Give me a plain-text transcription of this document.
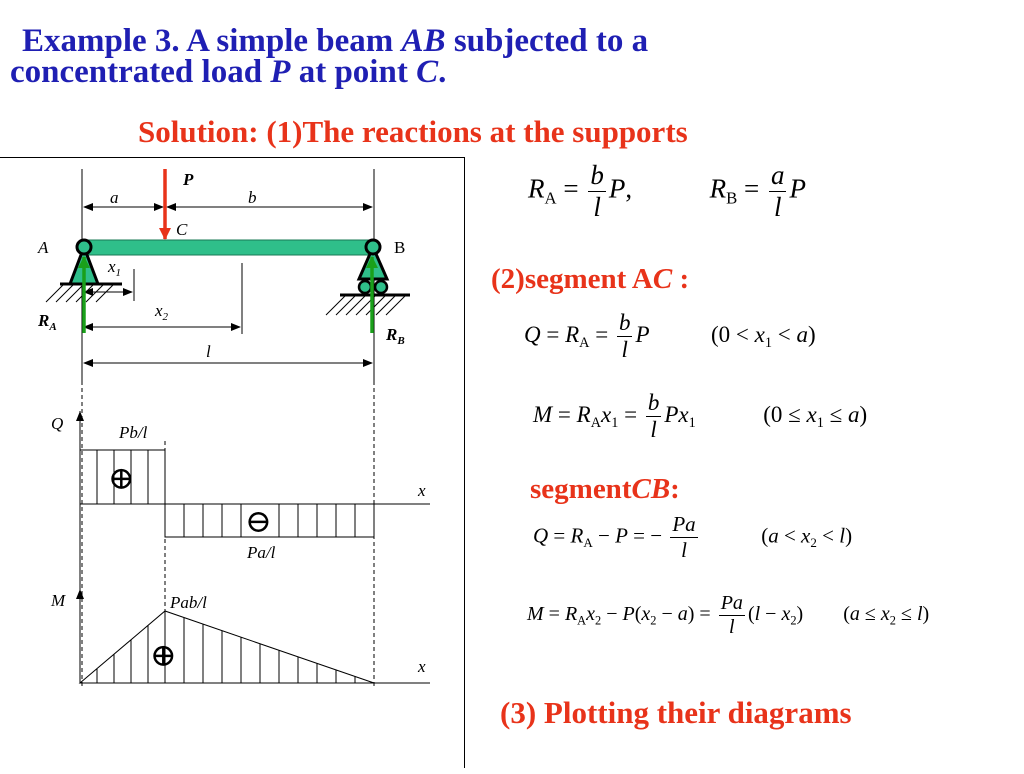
Example 3. A simple beam AB subjected to a
concentrated load P at point C.
Solution: (1)The reactions at the supports
P
a	b
C
A	B
$x_1$
$x_2$
l
$R_A$	$R_B$
Q
x
Pb/l
Pa/l
⊕
⊖
M
x
Pab/l
⊕
$R_A = \frac{b}{l} P$,	$R_B = \frac{a}{l}$ P
(2)segment AC :
$Q = R_A = \frac{b}{l}$ P  $(0 < x_1 < a)$
$M = R_Ax_1 = \frac{b}{l} Px_1$	$(0 \le x_1 \le a)$
segmentCB:
$Q = R_A - P$ = − $\frac{Pa}{l}$	$(a < x_2 < l)$
$M = R_Ax_2 - P(x_2 - a) = \frac{Pa}{l} (l - x_2) (a \le x_2 \le l)$
(3) Plotting their diagrams
